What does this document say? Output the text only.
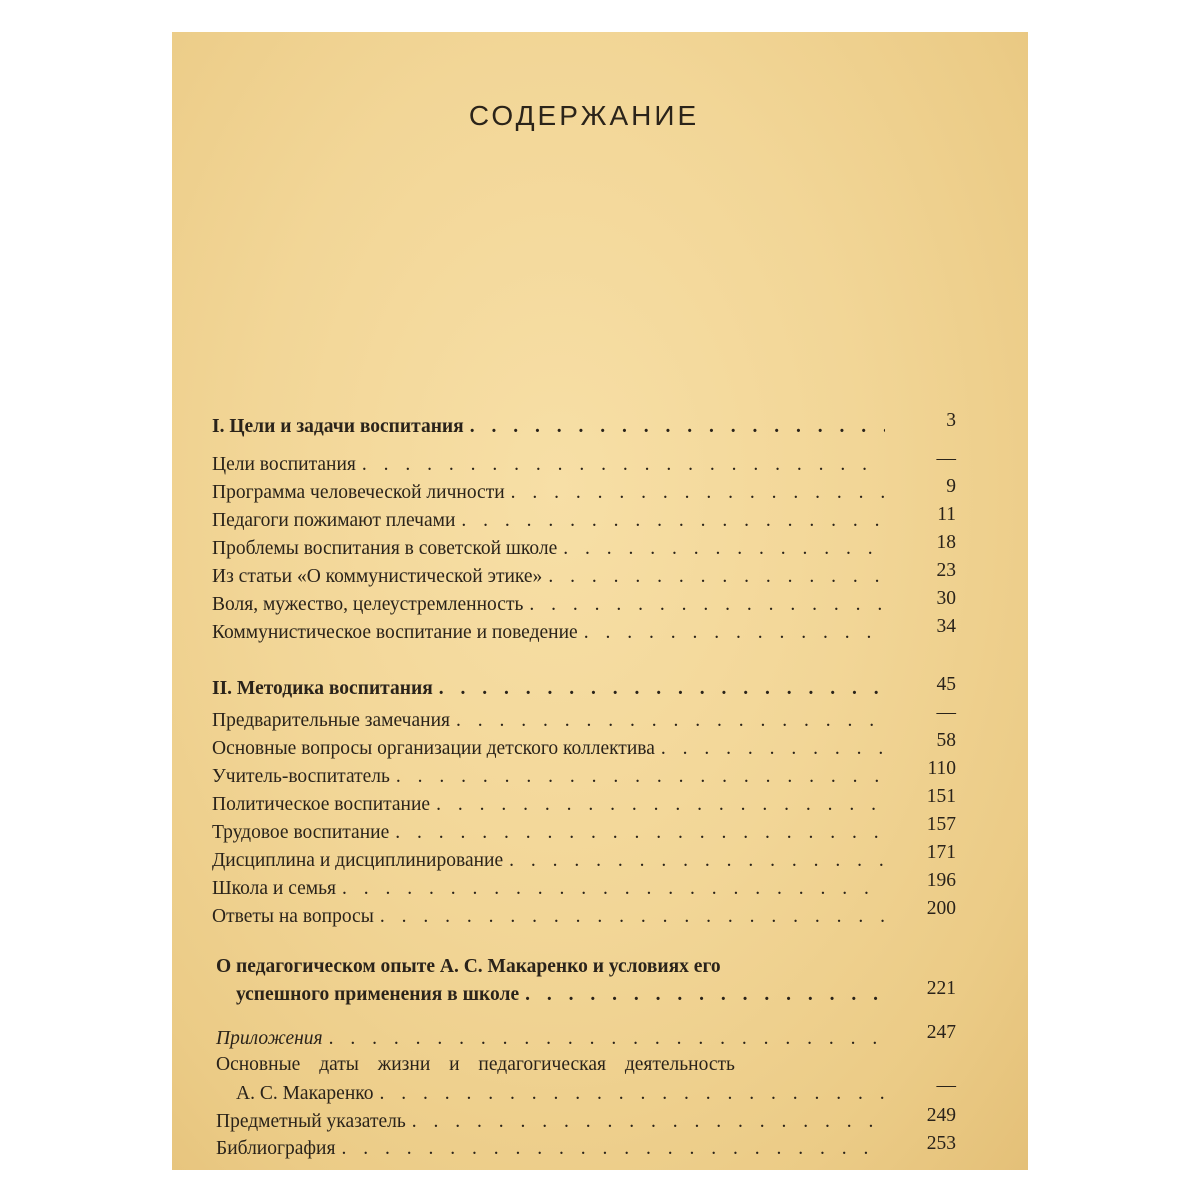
СОДЕРЖАНИЕ
I. Цели и задачи воспитания . . .	3
Цели воспитания . . .	—
Программа человеческой личности . . .	9
Педагоги пожимают плечами . . .	11
Проблемы воспитания в советской школе . . .	18
Из статьи «О коммунистической этике» . . .	23
Воля, мужество, целеустремленность . . .	30
Коммунистическое воспитание и поведение . . .	34
II. Методика воспитания . . .	45
Предварительные замечания . . .	—
Основные вопросы организации детского коллектива . . .	58
Учитель-воспитатель . . .	110
Политическое воспитание . . .	151
Трудовое воспитание . . .	157
Дисциплина и дисциплинирование . . .	171
Школа и семья . . .	196
Ответы на вопросы . . .	200
О педагогическом опыте А. С. Макаренко и условиях его
успешного применения в школе . . .	221
Приложения . . .	247
Основные даты жизни и педагогическая деятельность
А. С. Макаренко . . .	—
Предметный указатель . . .	249
Библиография . . .	253
